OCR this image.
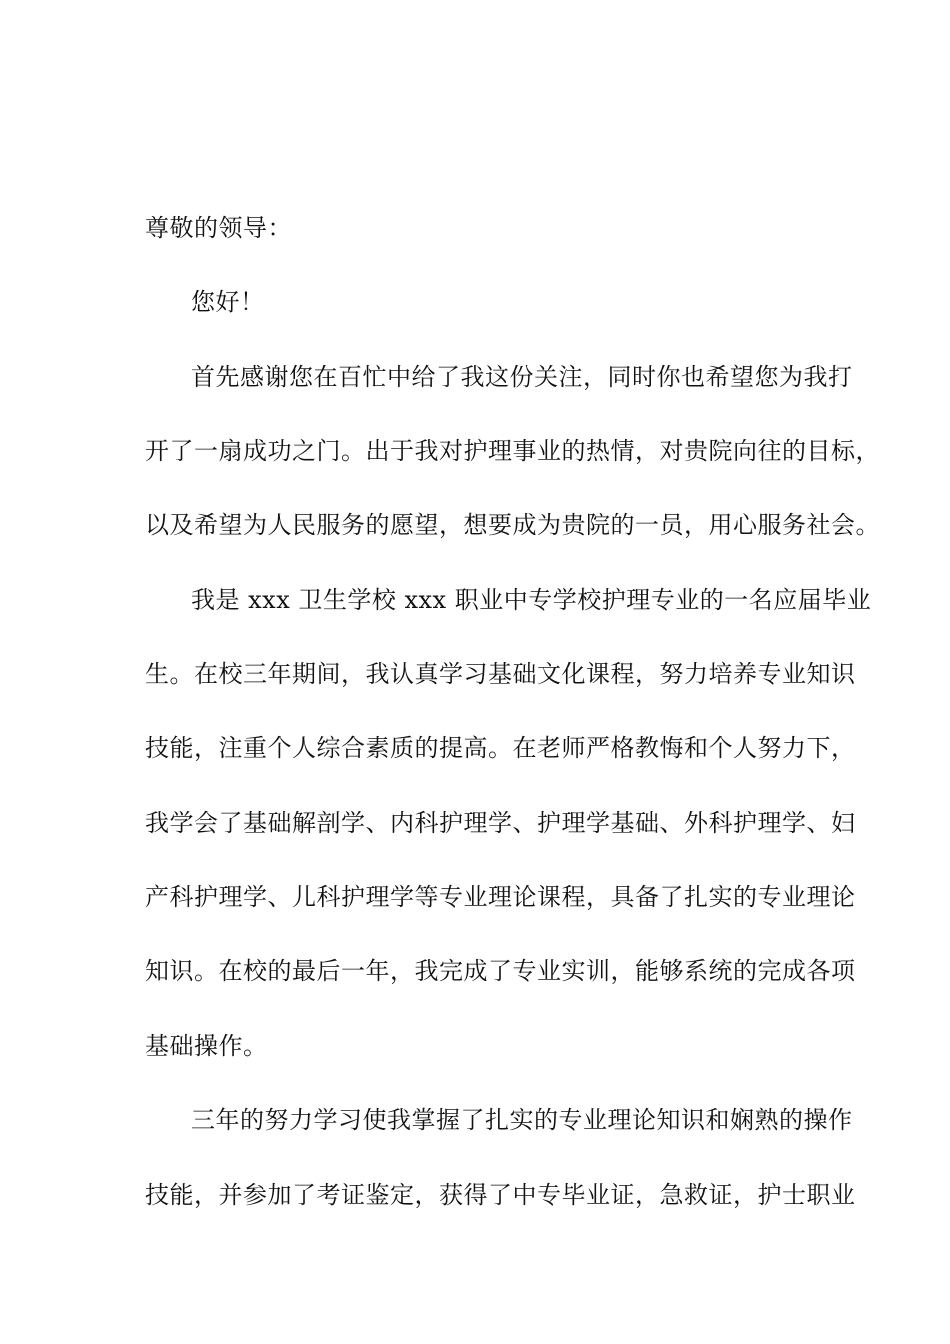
尊敬的领导：
您好！
首先感谢您在百忙中给了我这份关注，同时你也希望您为我打
开了一扇成功之门。出于我对护理事业的热情，对贵院向往的目标，
以及希望为人民服务的愿望，想要成为贵院的一员，用心服务社会。
我是 xxx 卫生学校 xxx 职业中专学校护理专业的一名应届毕业
生。在校三年期间，我认真学习基础文化课程，努力培养专业知识
技能，注重个人综合素质的提高。在老师严格教悔和个人努力下，
我学会了基础解剖学、内科护理学、护理学基础、外科护理学、妇
产科护理学、儿科护理学等专业理论课程，具备了扎实的专业理论
知识。在校的最后一年，我完成了专业实训，能够系统的完成各项
基础操作。
三年的努力学习使我掌握了扎实的专业理论知识和娴熟的操作
技能，并参加了考证鉴定，获得了中专毕业证，急救证，护士职业
